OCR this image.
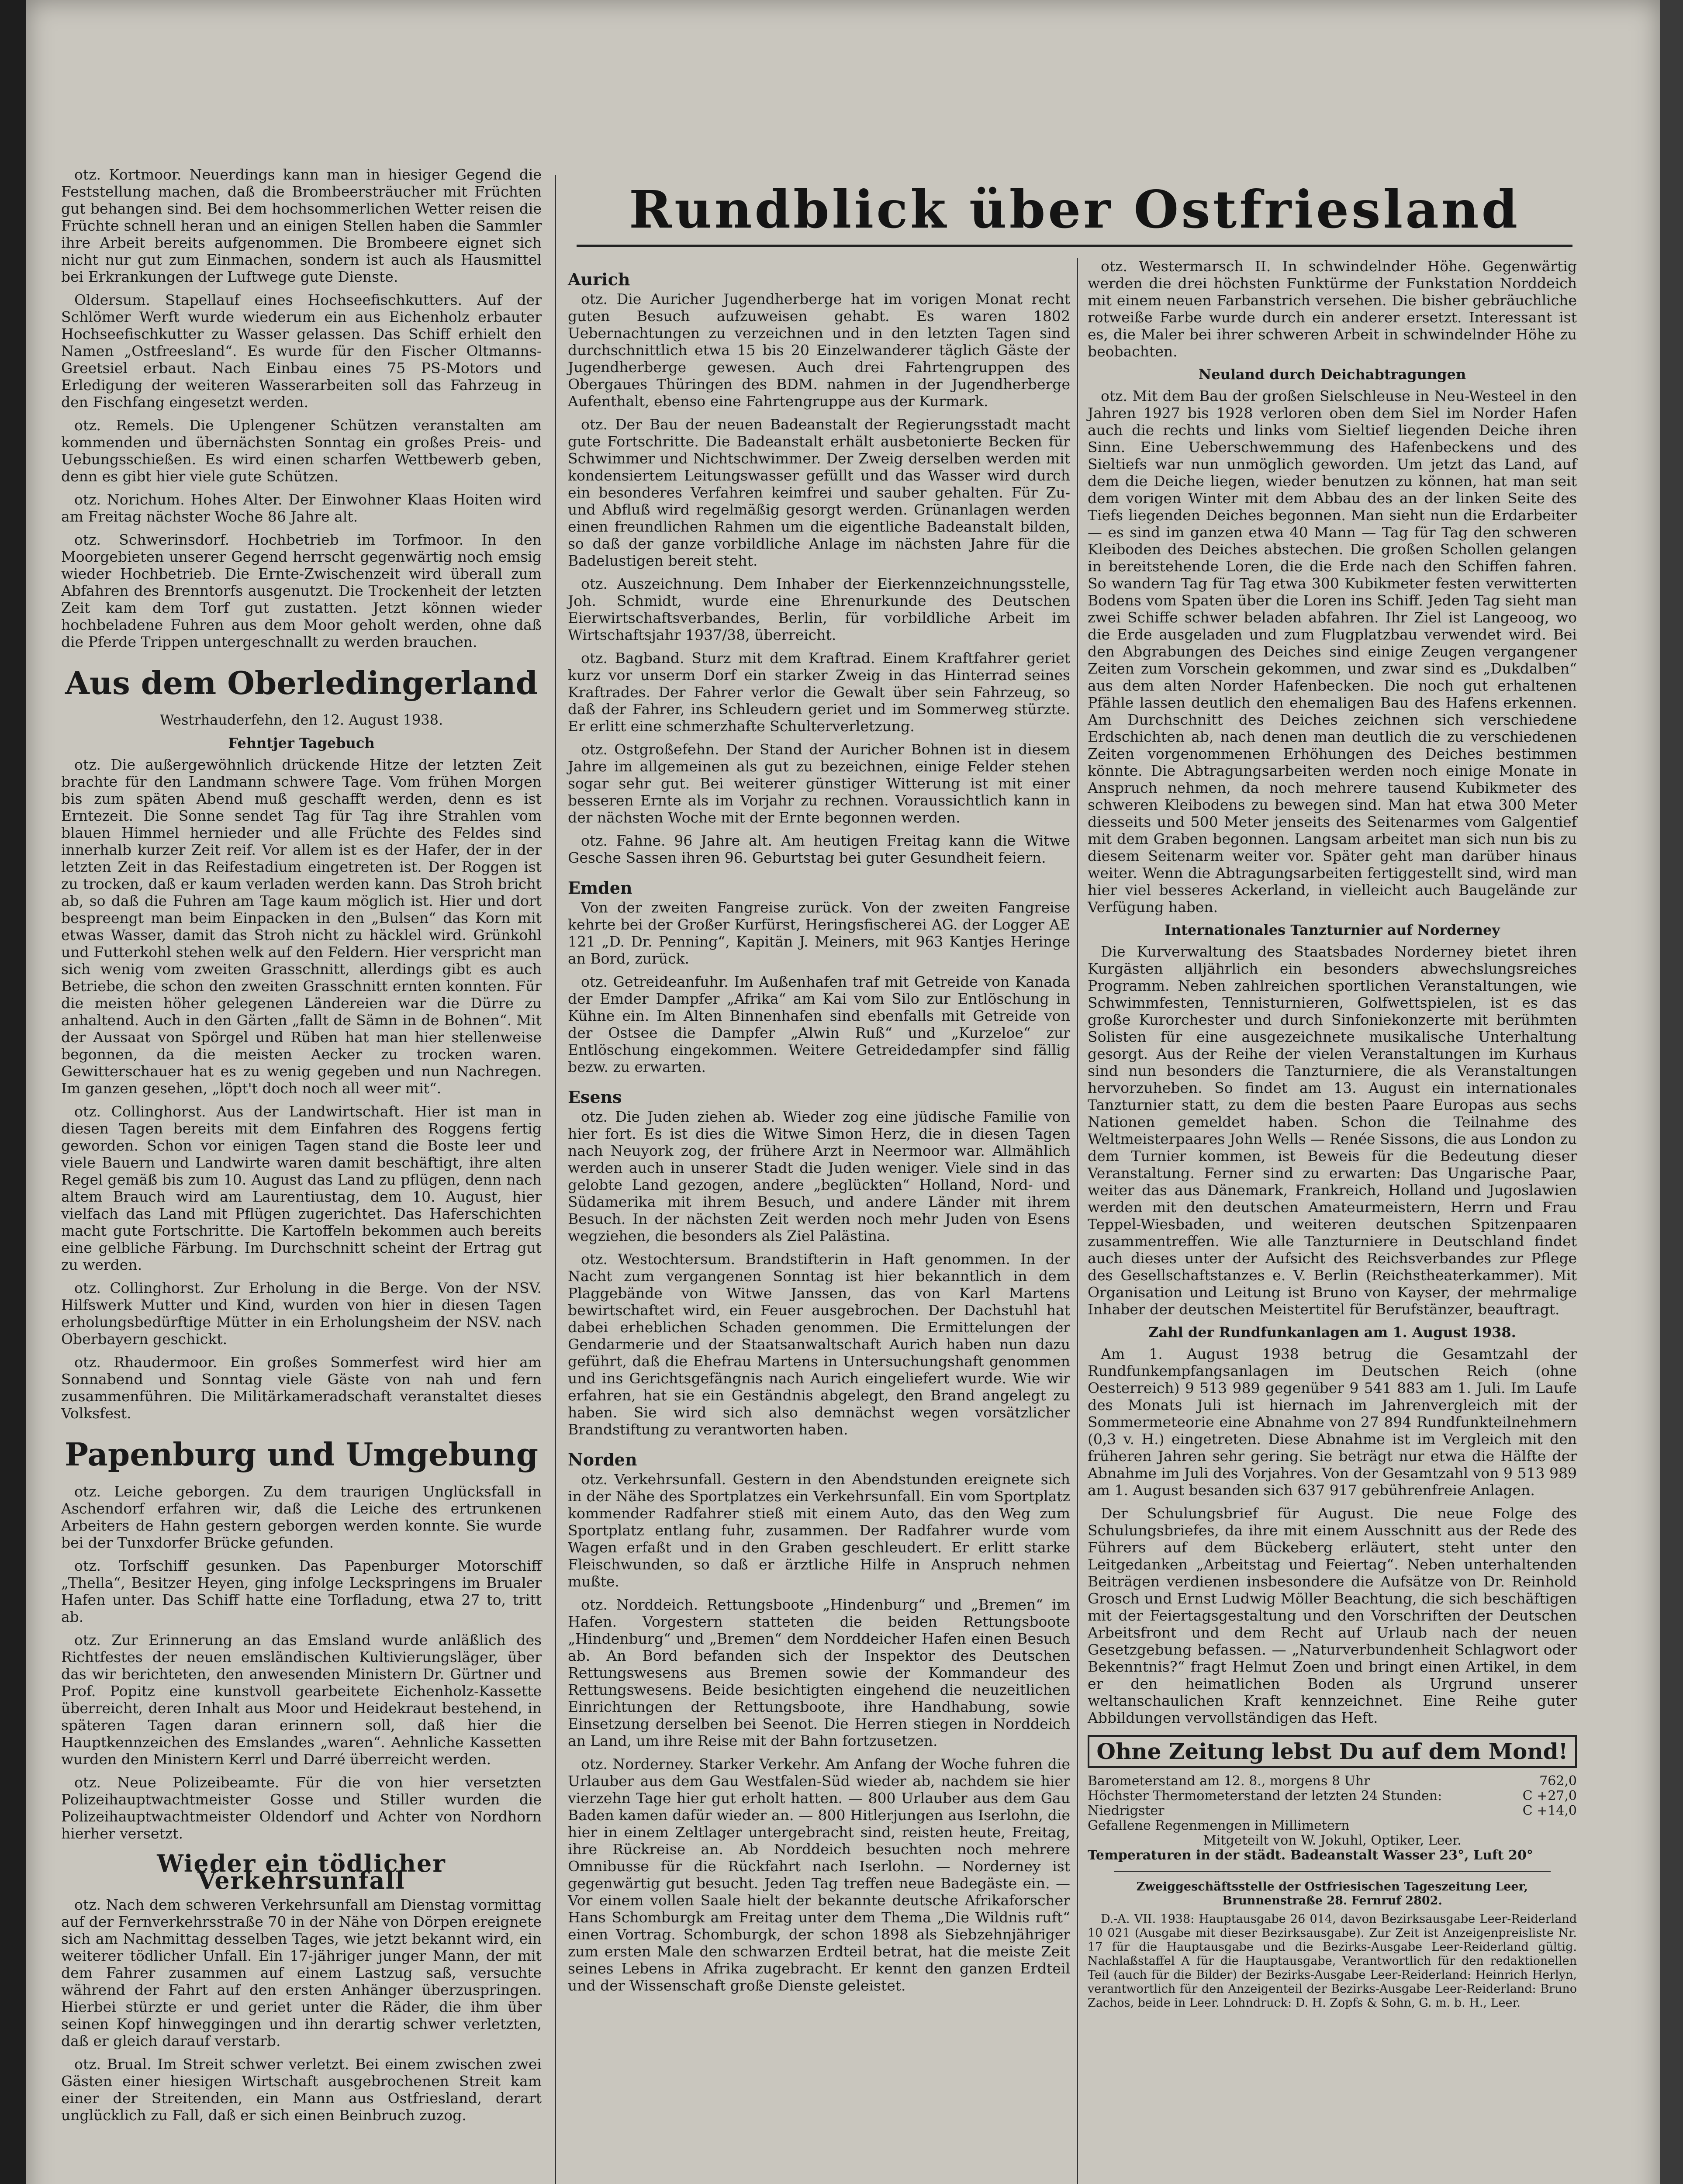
Rundblick über Ostfriesland

otz. Kortmoor. Neuerdings kann man in hiesiger Gegend die Feststellung machen, daß die Brombeersträucher mit Früchten gut behangen sind. Bei dem hochsommerlichen Wetter reisen die Früchte schnell heran und an einigen Stellen haben die Sammler ihre Arbeit bereits aufgenommen. Die Brombeere eignet sich nicht nur gut zum Einmachen, sondern ist auch als Hausmittel bei Erkrankungen der Luftwege gute Dienste.

Oldersum. Stapellauf eines Hochseefischkutters. Auf der Schlömer Werft wurde wiederum ein aus Eichenholz erbauter Hochseefischkutter zu Wasser gelassen. Das Schiff erhielt den Namen „Ostfreesland“. Es wurde für den Fischer Oltmanns-Greetsiel erbaut. Nach Einbau eines 75 PS-Motors und Erledigung der weiteren Wasserarbeiten soll das Fahrzeug in den Fischfang eingesetzt werden.

otz. Remels. Die Uplengener Schützen veranstalten am kommenden und übernächsten Sonntag ein großes Preis- und Uebungsschießen. Es wird einen scharfen Wettbewerb geben, denn es gibt hier viele gute Schützen.

otz. Norichum. Hohes Alter. Der Einwohner Klaas Hoiten wird am Freitag nächster Woche 86 Jahre alt.

otz. Schwerinsdorf. Hochbetrieb im Torfmoor. In den Moorgebieten unserer Gegend herrscht gegenwärtig noch emsig wieder Hochbetrieb. Die Ernte-Zwischenzeit wird überall zum Abfahren des Brenntorfs ausgenutzt. Die Trockenheit der letzten Zeit kam dem Torf gut zustatten. Jetzt können wieder hochbeladene Fuhren aus dem Moor geholt werden, ohne daß die Pferde Trippen untergeschnallt zu werden brauchen.

Aus dem Oberledingerland
Westrhauderfehn, den 12. August 1938.
Fehntjer Tagebuch

otz. Die außergewöhnlich drückende Hitze der letzten Zeit brachte für den Landmann schwere Tage. Vom frühen Morgen bis zum späten Abend muß geschafft werden, denn es ist Erntezeit. Die Sonne sendet Tag für Tag ihre Strahlen vom blauen Himmel hernieder und alle Früchte des Feldes sind innerhalb kurzer Zeit reif. Vor allem ist es der Hafer, der in der letzten Zeit in das Reifestadium eingetreten ist. Der Roggen ist zu trocken, daß er kaum verladen werden kann. Das Stroh bricht ab, so daß die Fuhren am Tage kaum möglich ist. Hier und dort bespreengt man beim Einpacken in den „Bulsen“ das Korn mit etwas Wasser, damit das Stroh nicht zu häcklel wird. Grünkohl und Futterkohl stehen welk auf den Feldern. Hier verspricht man sich wenig vom zweiten Grasschnitt, allerdings gibt es auch Betriebe, die schon den zweiten Grasschnitt ernten konnten. Für die meisten höher gelegenen Ländereien war die Dürre zu anhaltend. Auch in den Gärten „fallt de Sämn in de Bohnen“. Mit der Aussaat von Spörgel und Rüben hat man hier stellenweise begonnen, da die meisten Aecker zu trocken waren. Gewitterschauer hat es zu wenig gegeben und nun Nachregen. Im ganzen gesehen, „löpt't doch noch all weer mit“.

otz. Collinghorst. Aus der Landwirtschaft. Hier ist man in diesen Tagen bereits mit dem Einfahren des Roggens fertig geworden. Schon vor einigen Tagen stand die Boste leer und viele Bauern und Landwirte waren damit beschäftigt, ihre alten Regel gemäß bis zum 10. August das Land zu pflügen, denn nach altem Brauch wird am Laurentiustag, dem 10. August, hier vielfach das Land mit Pflügen zugerichtet. Das Haferschichten macht gute Fortschritte. Die Kartoffeln bekommen auch bereits eine gelbliche Färbung. Im Durchschnitt scheint der Ertrag gut zu werden.

otz. Collinghorst. Zur Erholung in die Berge. Von der NSV. Hilfswerk Mutter und Kind, wurden von hier in diesen Tagen erholungsbedürftige Mütter in ein Erholungsheim der NSV. nach Oberbayern geschickt.

otz. Rhaudermoor. Ein großes Sommerfest wird hier am Sonnabend und Sonntag viele Gäste von nah und fern zusammenführen. Die Militärkameradschaft veranstaltet dieses Volksfest.

Papenburg und Umgebung

otz. Leiche geborgen. Zu dem traurigen Unglücksfall in Aschendorf erfahren wir, daß die Leiche des ertrunkenen Arbeiters de Hahn gestern geborgen werden konnte. Sie wurde bei der Tunxdorfer Brücke gefunden.

otz. Torfschiff gesunken. Das Papenburger Motorschiff „Thella“, Besitzer Heyen, ging infolge Leckspringens im Brualer Hafen unter. Das Schiff hatte eine Torfladung, etwa 27 to, tritt ab.

otz. Zur Erinnerung an das Emsland wurde anläßlich des Richtfestes der neuen emsländischen Kultivierungsläger, über das wir berichteten, den anwesenden Ministern Dr. Gürtner und Prof. Popitz eine kunstvoll gearbeitete Eichenholz-Kassette überreicht, deren Inhalt aus Moor und Heidekraut bestehend, in späteren Tagen daran erinnern soll, daß hier die Hauptkennzeichen des Emslandes „waren“. Aehnliche Kassetten wurden den Ministern Kerrl und Darré überreicht werden.

otz. Neue Polizeibeamte. Für die von hier versetzten Polizeihauptwachtmeister Gosse und Stiller wurden die Polizeihauptwachtmeister Oldendorf und Achter von Nordhorn hierher versetzt.

Wieder ein tödlicher Verkehrsunfall

otz. Nach dem schweren Verkehrsunfall am Dienstag vormittag auf der Fernverkehrsstraße 70 in der Nähe von Dörpen ereignete sich am Nachmittag desselben Tages, wie jetzt bekannt wird, ein weiterer tödlicher Unfall. Ein 17-jähriger junger Mann, der mit dem Fahrer zusammen auf einem Lastzug saß, versuchte während der Fahrt auf den ersten Anhänger überzuspringen. Hierbei stürzte er und geriet unter die Räder, die ihm über seinen Kopf hinweggingen und ihn derartig schwer verletzten, daß er gleich darauf verstarb.

otz. Brual. Im Streit schwer verletzt. Bei einem zwischen zwei Gästen einer hiesigen Wirtschaft ausgebrochenen Streit kam einer der Streitenden, ein Mann aus Ostfriesland, derart unglücklich zu Fall, daß er sich einen Beinbruch zuzog.

Aurich

otz. Die Auricher Jugendherberge hat im vorigen Monat recht guten Besuch aufzuweisen gehabt. Es waren 1802 Uebernachtungen zu verzeichnen und in den letzten Tagen sind durchschnittlich etwa 15 bis 20 Einzelwanderer täglich Gäste der Jugendherberge gewesen. Auch drei Fahrtengruppen des Obergaues Thüringen des BDM. nahmen in der Jugendherberge Aufenthalt, ebenso eine Fahrtengruppe aus der Kurmark.

otz. Der Bau der neuen Badeanstalt der Regierungsstadt macht gute Fortschritte. Die Badeanstalt erhält ausbetonierte Becken für Schwimmer und Nichtschwimmer. Der Zweig derselben werden mit kondensiertem Leitungswasser gefüllt und das Wasser wird durch ein besonderes Verfahren keimfrei und sauber gehalten. Für Zu- und Abfluß wird regelmäßig gesorgt werden. Grünanlagen werden einen freundlichen Rahmen um die eigentliche Badeanstalt bilden, so daß der ganze vorbildliche Anlage im nächsten Jahre für die Badelustigen bereit steht.

otz. Auszeichnung. Dem Inhaber der Eierkennzeichnungsstelle, Joh. Schmidt, wurde eine Ehrenurkunde des Deutschen Eierwirtschaftsverbandes, Berlin, für vorbildliche Arbeit im Wirtschaftsjahr 1937/38, überreicht.

otz. Bagband. Sturz mit dem Kraftrad. Einem Kraftfahrer geriet kurz vor unserm Dorf ein starker Zweig in das Hinterrad seines Kraftrades. Der Fahrer verlor die Gewalt über sein Fahrzeug, so daß der Fahrer, ins Schleudern geriet und im Sommerweg stürzte. Er erlitt eine schmerzhafte Schulterverletzung.

otz. Ostgroßefehn. Der Stand der Auricher Bohnen ist in diesem Jahre im allgemeinen als gut zu bezeichnen, einige Felder stehen sogar sehr gut. Bei weiterer günstiger Witterung ist mit einer besseren Ernte als im Vorjahr zu rechnen. Voraussichtlich kann in der nächsten Woche mit der Ernte begonnen werden.

otz. Fahne. 96 Jahre alt. Am heutigen Freitag kann die Witwe Gesche Sassen ihren 96. Geburtstag bei guter Gesundheit feiern.

Emden

Von der zweiten Fangreise zurück. Von der zweiten Fangreise kehrte bei der Großer Kurfürst, Heringsfischerei AG. der Logger AE 121 „D. Dr. Penning“, Kapitän J. Meiners, mit 963 Kantjes Heringe an Bord, zurück.

otz. Getreideanfuhr. Im Außenhafen traf mit Getreide von Kanada der Emder Dampfer „Afrika“ am Kai vom Silo zur Entlöschung in Kühne ein. Im Alten Binnenhafen sind ebenfalls mit Getreide von der Ostsee die Dampfer „Alwin Ruß“ und „Kurzeloe“ zur Entlöschung eingekommen. Weitere Getreidedampfer sind fällig bezw. zu erwarten.

Esens

otz. Die Juden ziehen ab. Wieder zog eine jüdische Familie von hier fort. Es ist dies die Witwe Simon Herz, die in diesen Tagen nach Neuyork zog, der frühere Arzt in Neermoor war. Allmählich werden auch in unserer Stadt die Juden weniger. Viele sind in das gelobte Land gezogen, andere „beglückten“ Holland, Nord- und Südamerika mit ihrem Besuch, und andere Länder mit ihrem Besuch. In der nächsten Zeit werden noch mehr Juden von Esens wegziehen, die besonders als Ziel Palästina.

otz. Westochtersum. Brandstifterin in Haft genommen. In der Nacht zum vergangenen Sonntag ist hier bekanntlich in dem Plaggebände von Witwe Janssen, das von Karl Martens bewirtschaftet wird, ein Feuer ausgebrochen. Der Dachstuhl hat dabei erheblichen Schaden genommen. Die Ermittelungen der Gendarmerie und der Staatsanwaltschaft Aurich haben nun dazu geführt, daß die Ehefrau Martens in Untersuchungshaft genommen und ins Gerichtsgefängnis nach Aurich eingeliefert wurde. Wie wir erfahren, hat sie ein Geständnis abgelegt, den Brand angelegt zu haben. Sie wird sich also demnächst wegen vorsätzlicher Brandstiftung zu verantworten haben.

Norden

otz. Verkehrsunfall. Gestern in den Abendstunden ereignete sich in der Nähe des Sportplatzes ein Verkehrsunfall. Ein vom Sportplatz kommender Radfahrer stieß mit einem Auto, das den Weg zum Sportplatz entlang fuhr, zusammen. Der Radfahrer wurde vom Wagen erfaßt und in den Graben geschleudert. Er erlitt starke Fleischwunden, so daß er ärztliche Hilfe in Anspruch nehmen mußte.

otz. Norddeich. Rettungsboote „Hindenburg“ und „Bremen“ im Hafen. Vorgestern statteten die beiden Rettungsboote „Hindenburg“ und „Bremen“ dem Norddeicher Hafen einen Besuch ab. An Bord befanden sich der Inspektor des Deutschen Rettungswesens aus Bremen sowie der Kommandeur des Rettungswesens. Beide besichtigten eingehend die neuzeitlichen Einrichtungen der Rettungsboote, ihre Handhabung, sowie Einsetzung derselben bei Seenot. Die Herren stiegen in Norddeich an Land, um ihre Reise mit der Bahn fortzusetzen.

otz. Norderney. Starker Verkehr. Am Anfang der Woche fuhren die Urlauber aus dem Gau Westfalen-Süd wieder ab, nachdem sie hier vierzehn Tage hier gut erholt hatten. — 800 Urlauber aus dem Gau Baden kamen dafür wieder an. — 800 Hitlerjungen aus Iserlohn, die hier in einem Zeltlager untergebracht sind, reisten heute, Freitag, ihre Rückreise an. Ab Norddeich besuchten noch mehrere Omnibusse für die Rückfahrt nach Iserlohn. — Norderney ist gegenwärtig gut besucht. Jeden Tag treffen neue Badegäste ein. — Vor einem vollen Saale hielt der bekannte deutsche Afrikaforscher Hans Schomburgk am Freitag unter dem Thema „Die Wildnis ruft“ einen Vortrag. Schomburgk, der schon 1898 als Siebzehnjähriger zum ersten Male den schwarzen Erdteil betrat, hat die meiste Zeit seines Lebens in Afrika zugebracht. Er kennt den ganzen Erdteil und der Wissenschaft große Dienste geleistet.

otz. Westermarsch II. In schwindelnder Höhe. Gegenwärtig werden die drei höchsten Funktürme der Funkstation Norddeich mit einem neuen Farbanstrich versehen. Die bisher gebräuchliche rotweiße Farbe wurde durch ein anderer ersetzt. Interessant ist es, die Maler bei ihrer schweren Arbeit in schwindelnder Höhe zu beobachten.

Neuland durch Deichabtragungen

otz. Mit dem Bau der großen Sielschleuse in Neu-Westeel in den Jahren 1927 bis 1928 verloren oben dem Siel im Norder Hafen auch die rechts und links vom Sieltief liegenden Deiche ihren Sinn. Eine Ueberschwemmung des Hafenbeckens und des Sieltiefs war nun unmöglich geworden. Um jetzt das Land, auf dem die Deiche liegen, wieder benutzen zu können, hat man seit dem vorigen Winter mit dem Abbau des an der linken Seite des Tiefs liegenden Deiches begonnen. Man sieht nun die Erdarbeiter — es sind im ganzen etwa 40 Mann — Tag für Tag den schweren Kleiboden des Deiches abstechen. Die großen Schollen gelangen in bereitstehende Loren, die die Erde nach den Schiffen fahren. So wandern Tag für Tag etwa 300 Kubikmeter festen verwitterten Bodens vom Spaten über die Loren ins Schiff. Jeden Tag sieht man zwei Schiffe schwer beladen abfahren. Ihr Ziel ist Langeoog, wo die Erde ausgeladen und zum Flugplatzbau verwendet wird. Bei den Abgrabungen des Deiches sind einige Zeugen vergangener Zeiten zum Vorschein gekommen, und zwar sind es „Dukdalben“ aus dem alten Norder Hafenbecken. Die noch gut erhaltenen Pfähle lassen deutlich den ehemaligen Bau des Hafens erkennen. Am Durchschnitt des Deiches zeichnen sich verschiedene Erdschichten ab, nach denen man deutlich die zu verschiedenen Zeiten vorgenommenen Erhöhungen des Deiches bestimmen könnte. Die Abtragungsarbeiten werden noch einige Monate in Anspruch nehmen, da noch mehrere tausend Kubikmeter des schweren Kleibodens zu bewegen sind. Man hat etwa 300 Meter diesseits und 500 Meter jenseits des Seitenarmes vom Galgentief mit dem Graben begonnen. Langsam arbeitet man sich nun bis zu diesem Seitenarm weiter vor. Später geht man darüber hinaus weiter. Wenn die Abtragungsarbeiten fertiggestellt sind, wird man hier viel besseres Ackerland, in vielleicht auch Baugelände zur Verfügung haben.

Internationales Tanzturnier auf Norderney

Die Kurverwaltung des Staatsbades Norderney bietet ihren Kurgästen alljährlich ein besonders abwechslungsreiches Programm. Neben zahlreichen sportlichen Veranstaltungen, wie Schwimmfesten, Tennisturnieren, Golfwettspielen, ist es das große Kurorchester und durch Sinfoniekonzerte mit berühmten Solisten für eine ausgezeichnete musikalische Unterhaltung gesorgt. Aus der Reihe der vielen Veranstaltungen im Kurhaus sind nun besonders die Tanzturniere, die als Veranstaltungen hervorzuheben. So findet am 13. August ein internationales Tanzturnier statt, zu dem die besten Paare Europas aus sechs Nationen gemeldet haben. Schon die Teilnahme des Weltmeisterpaares John Wells — Renée Sissons, die aus London zu dem Turnier kommen, ist Beweis für die Bedeutung dieser Veranstaltung. Ferner sind zu erwarten: Das Ungarische Paar, weiter das aus Dänemark, Frankreich, Holland und Jugoslawien werden mit den deutschen Amateurmeistern, Herrn und Frau Teppel-Wiesbaden, und weiteren deutschen Spitzenpaaren zusammentreffen. Wie alle Tanzturniere in Deutschland findet auch dieses unter der Aufsicht des Reichsverbandes zur Pflege des Gesellschaftstanzes e. V. Berlin (Reichstheaterkammer). Mit Organisation und Leitung ist Bruno von Kayser, der mehrmalige Inhaber der deutschen Meistertitel für Berufstänzer, beauftragt.

Zahl der Rundfunkanlagen am 1. August 1938.

Am 1. August 1938 betrug die Gesamtzahl der Rundfunkempfangsanlagen im Deutschen Reich (ohne Oesterreich) 9 513 989 gegenüber 9 541 883 am 1. Juli. Im Laufe des Monats Juli ist hiernach im Jahrenvergleich mit der Sommermeteorie eine Abnahme von 27 894 Rundfunkteilnehmern (0,3 v. H.) eingetreten. Diese Abnahme ist im Vergleich mit den früheren Jahren sehr gering. Sie beträgt nur etwa die Hälfte der Abnahme im Juli des Vorjahres. Von der Gesamtzahl von 9 513 989 am 1. August besanden sich 637 917 gebührenfreie Anlagen.

Der Schulungsbrief für August. Die neue Folge des Schulungsbriefes, da ihre mit einem Ausschnitt aus der Rede des Führers auf dem Bückeberg erläutert, steht unter den Leitgedanken „Arbeitstag und Feiertag“. Neben unterhaltenden Beiträgen verdienen insbesondere die Aufsätze von Dr. Reinhold Grosch und Ernst Ludwig Möller Beachtung, die sich beschäftigen mit der Feiertagsgestaltung und den Vorschriften der Deutschen Arbeitsfront und dem Recht auf Urlaub nach der neuen Gesetzgebung befassen. — „Naturverbundenheit Schlagwort oder Bekenntnis?“ fragt Helmut Zoen und bringt einen Artikel, in dem er den heimatlichen Boden als Urgrund unserer weltanschaulichen Kraft kennzeichnet. Eine Reihe guter Abbildungen vervollständigen das Heft.

Ohne Zeitung lebst Du auf dem Mond!
Barometerstand am 12. 8., morgens 8 Uhr	762,0
Höchster Thermometerstand der letzten 24 Stunden:	C +27,0
Niedrigster	C +14,0
Gefallene Regenmengen in Millimetern
Mitgeteilt von W. Jokuhl, Optiker, Leer.
Temperaturen in der städt. Badeanstalt Wasser 23°, Luft 20°
Zweiggeschäftsstelle der Ostfriesischen Tageszeitung Leer, Brunnenstraße 28. Fernruf 2802.

D.-A. VII. 1938: Hauptausgabe 26 014, davon Bezirksausgabe Leer-Reiderland 10 021 (Ausgabe mit dieser Bezirksausgabe). Zur Zeit ist Anzeigenpreisliste Nr. 17 für die Hauptausgabe und die Bezirks-Ausgabe Leer-Reiderland gültig. Nachlaßstaffel A für die Hauptausgabe, Verantwortlich für den redaktionellen Teil (auch für die Bilder) der Bezirks-Ausgabe Leer-Reiderland: Heinrich Herlyn, verantwortlich für den Anzeigenteil der Bezirks-Ausgabe Leer-Reiderland: Bruno Zachos, beide in Leer. Lohndruck: D. H. Zopfs & Sohn, G. m. b. H., Leer.
